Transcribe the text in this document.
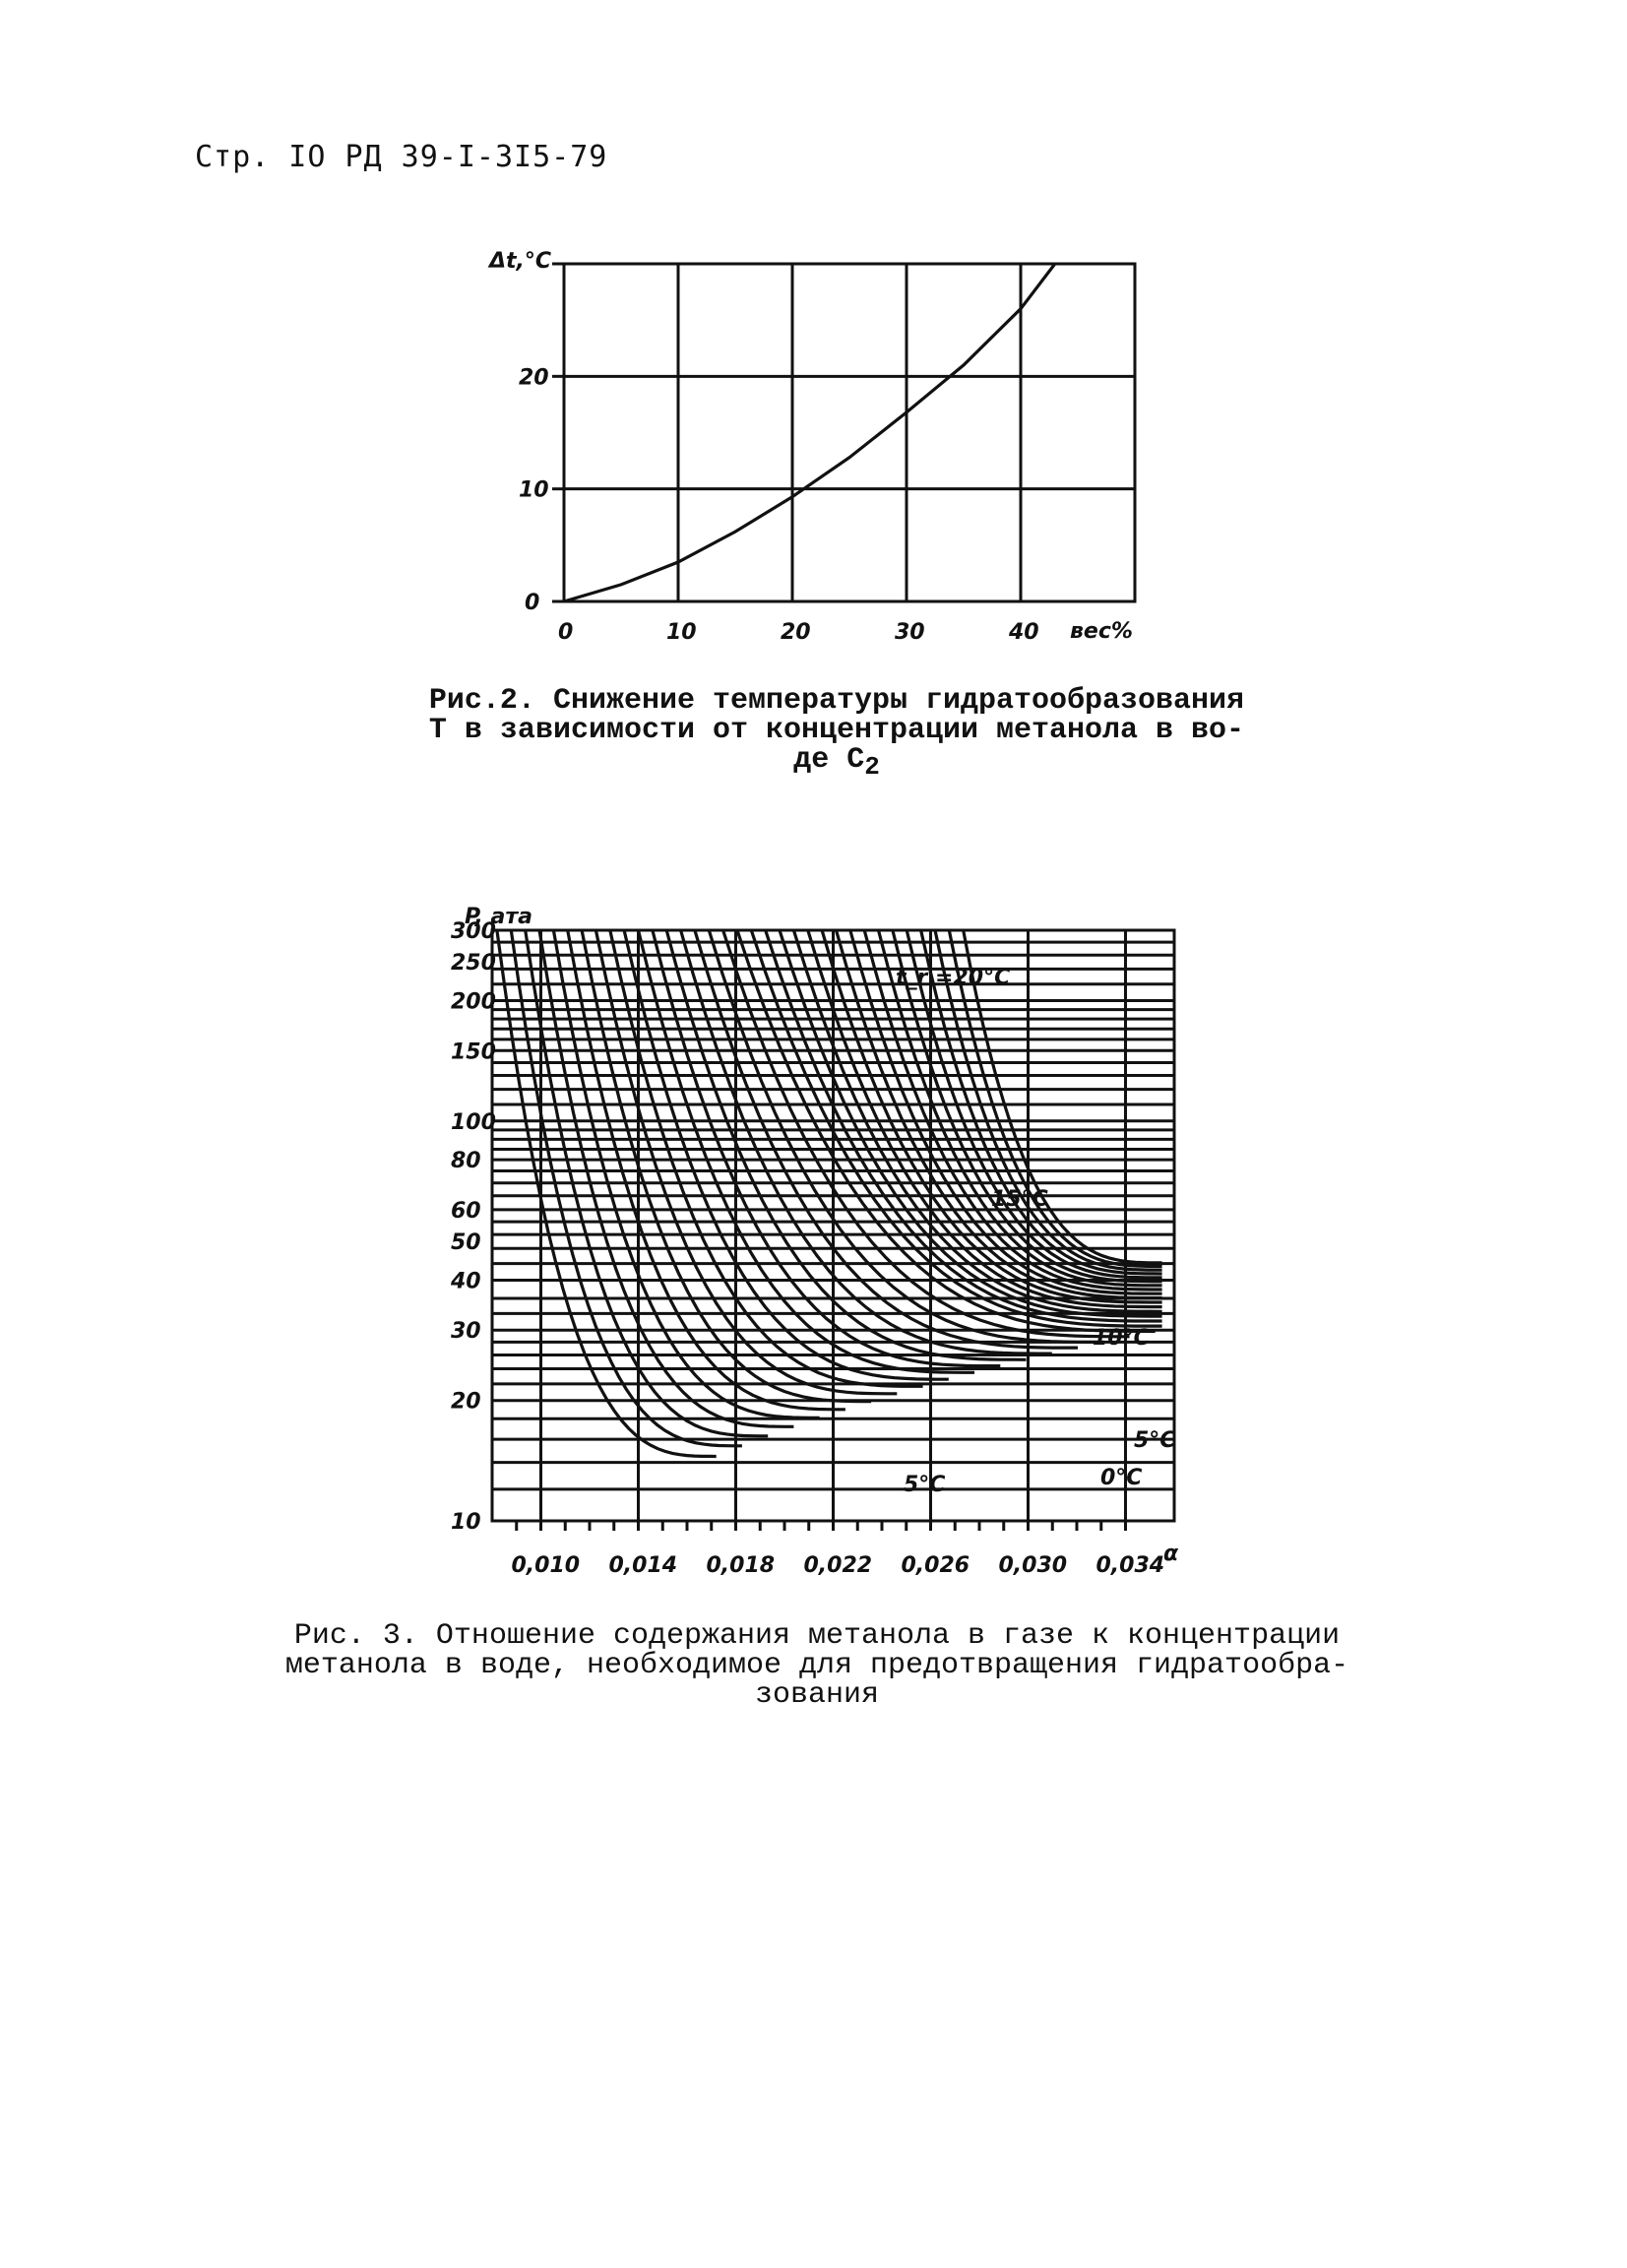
Стр. IO РД 39-I-3I5-79
0	10	20	30	40
0
10
20
Δt,°C
вес%
0,010 0,014 0,018 0,022 0,026 0,030 0,034
10
20
30
40
50
60
80
100
150
200
250
300
P, ата
α
t_r =20°C
15°C
10°C
5°C
0°C
5°C
Рис.2. Снижение температуры гидратообразования
Т в зависимости от концентрации метанола в во-
де $С_2$
Рис. 3. Отношение содержания метанола в газе к концентрации
метанола в воде, необходимое для предотвращения гидратообра-
зования
